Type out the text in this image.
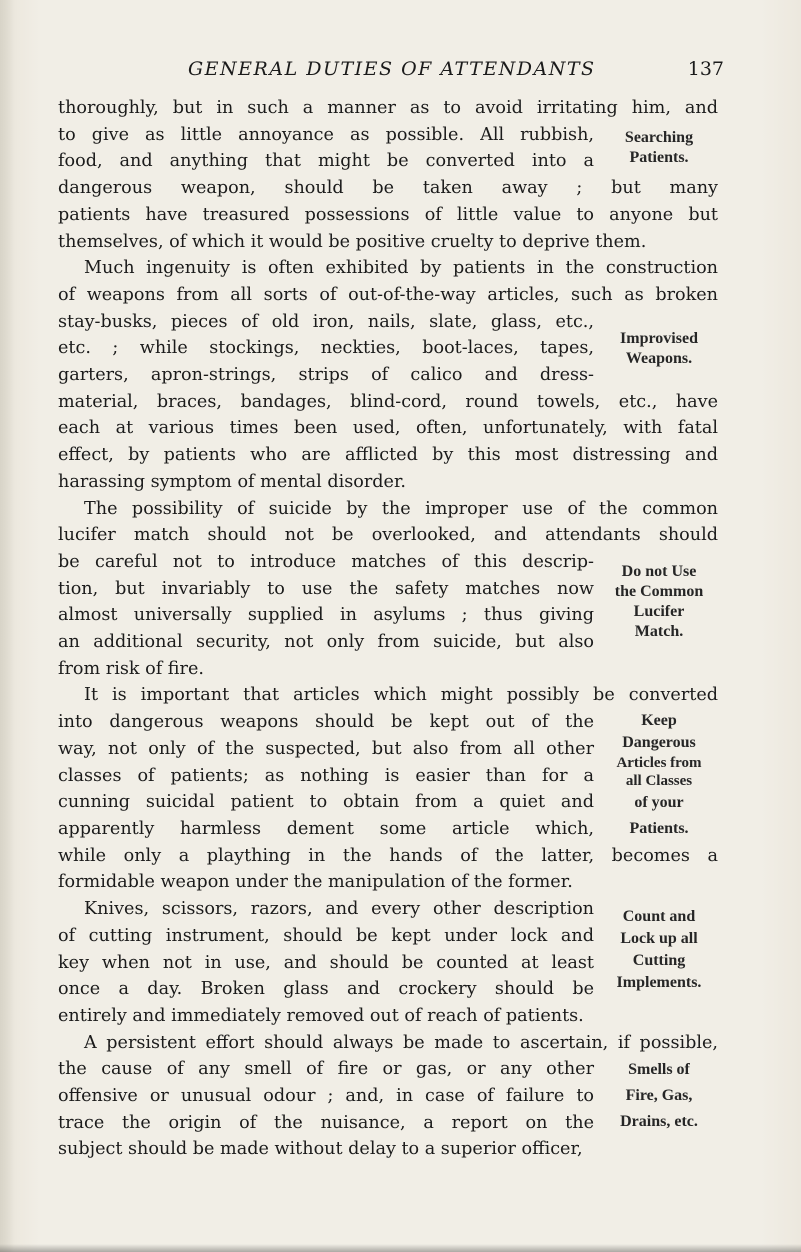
GENERAL DUTIES OF ATTENDANTS	137
thoroughly, but in such a manner as to avoid irritating him, and
to give as little annoyance as possible. All rubbish,
food, and anything that might be converted into a
Searching
Patients.
dangerous weapon, should be taken away ; but many
patients have treasured possessions of little value to anyone but
themselves, of which it would be positive cruelty to deprive them.
Much ingenuity is often exhibited by patients in the construction
of weapons from all sorts of out-of-the-way articles, such as broken
stay-busks, pieces of old iron, nails, slate, glass, etc.,
etc. ; while stockings, neckties, boot-laces, tapes,
garters, apron-strings, strips of calico and dress-
Improvised
Weapons.
material, braces, bandages, blind-cord, round towels, etc., have
each at various times been used, often, unfortunately, with fatal
effect, by patients who are afflicted by this most distressing and
harassing symptom of mental disorder.
The possibility of suicide by the improper use of the common
lucifer match should not be overlooked, and attendants should
be careful not to introduce matches of this descrip-
tion, but invariably to use the safety matches now
almost universally supplied in asylums ; thus giving
an additional security, not only from suicide, but also
Do not Use
the Common
Lucifer
Match.
from risk of fire.
It is important that articles which might possibly be converted
into dangerous weapons should be kept out of the
way, not only of the suspected, but also from all other
classes of patients; as nothing is easier than for a
cunning suicidal patient to obtain from a quiet and
apparently harmless dement some article which,
Keep
Dangerous
Articles from
all Classes
of your
Patients.
while only a plaything in the hands of the latter, becomes a
formidable weapon under the manipulation of the former.
Knives, scissors, razors, and every other description
of cutting instrument, should be kept under lock and
key when not in use, and should be counted at least
once a day. Broken glass and crockery should be
Count and
Lock up all
Cutting
Implements.
entirely and immediately removed out of reach of patients.
A persistent effort should always be made to ascertain, if possible,
the cause of any smell of fire or gas, or any other
offensive or unusual odour ; and, in case of failure to
trace the origin of the nuisance, a report on the
Smells of
Fire, Gas,
Drains, etc.
subject should be made without delay to a superior officer,
